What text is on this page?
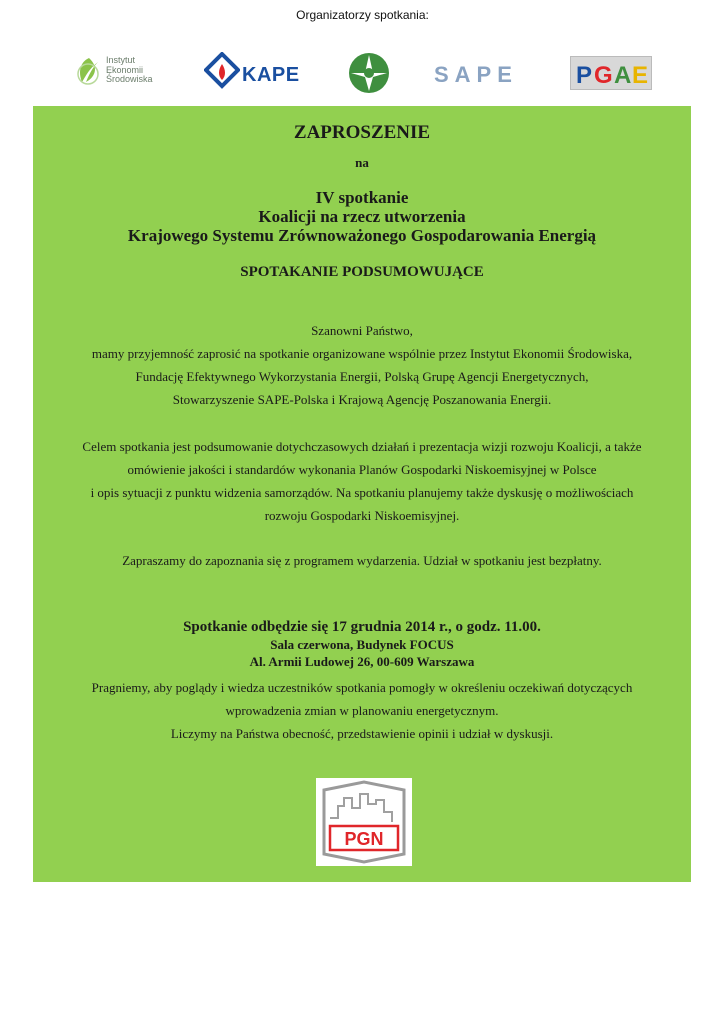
Organizatorzy spotkania:
Instytut
Ekonomii
Środowiska	KAPE	SAPE P G A E
ZAPROSZENIE
na
IV spotkanie
Koalicji na rzecz utworzenia
Krajowego Systemu Zrównoważonego Gospodarowania Energią
SPOTAKANIE PODSUMOWUJĄCE
Szanowni Państwo,
mamy przyjemność zaprosić na spotkanie organizowane wspólnie przez Instytut Ekonomii Środowiska,
Fundację Efektywnego Wykorzystania Energii, Polską Grupę Agencji Energetycznych,
Stowarzyszenie SAPE-Polska i Krajową Agencję Poszanowania Energii.
Celem spotkania jest podsumowanie dotychczasowych działań i prezentacja wizji rozwoju Koalicji, a także
omówienie jakości i standardów wykonania Planów Gospodarki Niskoemisyjnej w Polsce
i opis sytuacji z punktu widzenia samorządów. Na spotkaniu planujemy także dyskusję o możliwościach
rozwoju Gospodarki Niskoemisyjnej.
Zapraszamy do zapoznania się z programem wydarzenia. Udział w spotkaniu jest bezpłatny.
Spotkanie odbędzie się 17 grudnia 2014 r., o godz. 11.00.
Sala czerwona, Budynek FOCUS
Al. Armii Ludowej 26, 00-609 Warszawa
Pragniemy, aby poglądy i wiedza uczestników spotkania pomogły w określeniu oczekiwań dotyczących
wprowadzenia zmian w planowaniu energetycznym.
Liczymy na Państwa obecność, przedstawienie opinii i udział w dyskusji.
PGN
